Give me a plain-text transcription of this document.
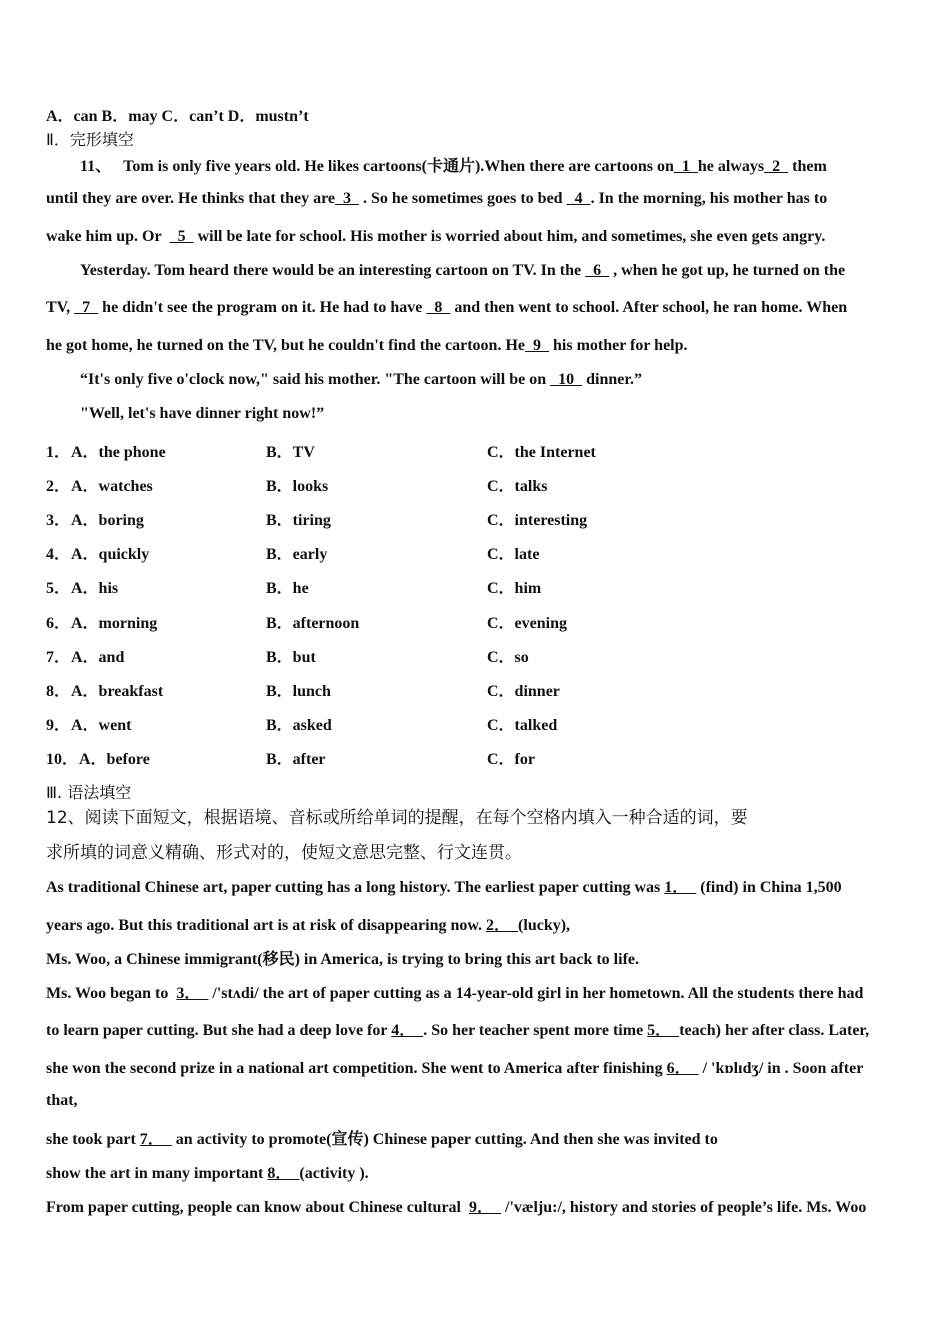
A．can B．may C．can’t D．mustn’t
Ⅱ．完形填空
11、   Tom is only five years old. He likes cartoons(卡通片).When there are cartoons on  1  he always  2   them
until they are over. He thinks that they are  3   . So he sometimes goes to bed   4  . In the morning, his mother has to
wake him up. Or    5   will be late for school. His mother is worried about him, and sometimes, she even gets angry.
Yesterday. Tom heard there would be an interesting cartoon on TV. In the   6   , when he got up, he turned on the
TV,   7   he didn't see the program on it. He had to have   8   and then went to school. After school, he ran home. When
he got home, he turned on the TV, but he couldn't find the cartoon. He  9   his mother for help.
“It's only five o'clock now," said his mother. "The cartoon will be on   10   dinner.”
"Well, let's have dinner right now!”
1． A．the phone	B．TV	C．the Internet
2． A．watches	B．looks	C．talks
3． A．boring	B．tiring	C．interesting
4． A．quickly	B．early	C．late
5． A．his	B．he	C．him
6． A．morning	B．afternoon	C．evening
7． A．and	B．but	C．so
8． A．breakfast	B．lunch	C．dinner
9． A．went	B．asked	C．talked
10． A．before	B．after	C．for
Ⅲ. 语法填空
12、阅读下面短文，根据语境、音标或所给单词的提醒，在每个空格内填入一种合适的词，要
求所填的词意义精确、形式对的，使短文意思完整、行文连贯。
As traditional Chinese art, paper cutting has a long history. The earliest paper cutting was 1．   (find) in China 1,500
years ago. But this traditional art is at risk of disappearing now. 2．  (lucky),
Ms. Woo, a Chinese immigrant(移民) in America, is trying to bring this art back to life.
Ms. Woo began to  3．   /'stʌdi/ the art of paper cutting as a 14-year-old girl in her hometown. All the students there had
to learn paper cutting. But she had a deep love for 4．  . So her teacher spent more time 5．  teach) her after class. Later,
she won the second prize in a national art competition. She went to America after finishing 6．   / 'kɒlɪdʒ/ in . Soon after
that,
she took part 7．   an activity to promote(宣传) Chinese paper cutting. And then she was invited to
show the art in many important 8．  (activity ).
From paper cutting, people can know about Chinese cultural  9．   /'vælju:/, history and stories of people’s life. Ms. Woo
